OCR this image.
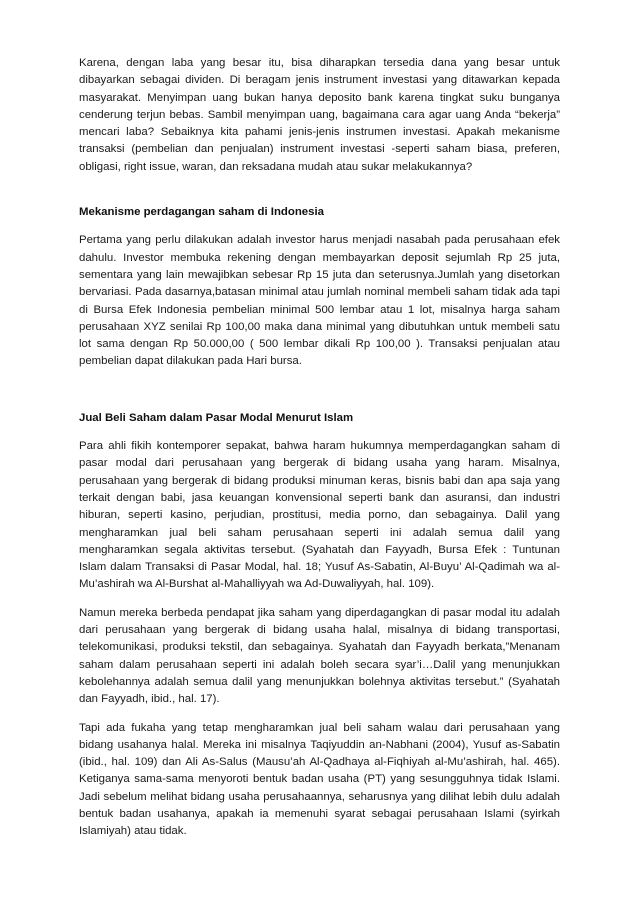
Karena, dengan laba yang besar itu, bisa diharapkan tersedia dana yang besar untuk dibayarkan sebagai dividen. Di beragam jenis instrument investasi yang ditawarkan kepada masyarakat. Menyimpan uang bukan hanya deposito bank karena tingkat suku bunganya cenderung terjun bebas. Sambil menyimpan uang, bagaimana cara agar uang Anda “bekerja” mencari laba? Sebaiknya kita pahami jenis-jenis instrumen investasi. Apakah mekanisme transaksi (pembelian dan penjualan) instrument investasi -seperti saham biasa, preferen, obligasi, right issue, waran, dan reksadana mudah atau sukar melakukannya?

Mekanisme perdagangan saham di Indonesia

Pertama yang perlu dilakukan adalah investor harus menjadi nasabah pada perusahaan efek dahulu. Investor membuka rekening dengan membayarkan deposit sejumlah Rp 25 juta, sementara yang lain mewajibkan sebesar Rp 15 juta dan seterusnya.Jumlah yang disetorkan bervariasi. Pada dasarnya,batasan minimal atau jumlah nominal membeli saham tidak ada tapi di Bursa Efek Indonesia pembelian minimal 500 lembar atau 1 lot, misalnya harga saham perusahaan XYZ senilai Rp 100,00 maka dana minimal yang dibutuhkan untuk membeli satu lot sama dengan Rp 50.000,00 ( 500 lembar dikali Rp 100,00 ). Transaksi penjualan atau pembelian dapat dilakukan pada Hari bursa.

Jual Beli Saham dalam Pasar Modal Menurut Islam

Para ahli fikih kontemporer sepakat, bahwa haram hukumnya memperdagangkan saham di pasar modal dari perusahaan yang bergerak di bidang usaha yang haram. Misalnya, perusahaan yang bergerak di bidang produksi minuman keras, bisnis babi dan apa saja yang terkait dengan babi, jasa keuangan konvensional seperti bank dan asuransi, dan industri hiburan, seperti kasino, perjudian, prostitusi, media porno, dan sebagainya. Dalil yang mengharamkan jual beli saham perusahaan seperti ini adalah semua dalil yang mengharamkan segala aktivitas tersebut. (Syahatah dan Fayyadh, Bursa Efek : Tuntunan Islam dalam Transaksi di Pasar Modal, hal. 18; Yusuf As-Sabatin, Al-Buyu’ Al-Qadimah wa al-Mu’ashirah wa Al-Burshat al-Mahalliyyah wa Ad-Duwaliyyah, hal. 109).

Namun mereka berbeda pendapat jika saham yang diperdagangkan di pasar modal itu adalah dari perusahaan yang bergerak di bidang usaha halal, misalnya di bidang transportasi, telekomunikasi, produksi tekstil, dan sebagainya. Syahatah dan Fayyadh berkata,”Menanam saham dalam perusahaan seperti ini adalah boleh secara syar’i…Dalil yang menunjukkan kebolehannya adalah semua dalil yang menunjukkan bolehnya aktivitas tersebut.” (Syahatah dan Fayyadh, ibid., hal. 17).

Tapi ada fukaha yang tetap mengharamkan jual beli saham walau dari perusahaan yang bidang usahanya halal. Mereka ini misalnya Taqiyuddin an-Nabhani (2004), Yusuf as-Sabatin (ibid., hal. 109) dan Ali As-Salus (Mausu’ah Al-Qadhaya al-Fiqhiyah al-Mu’ashirah, hal. 465). Ketiganya sama-sama menyoroti bentuk badan usaha (PT) yang sesungguhnya tidak Islami. Jadi sebelum melihat bidang usaha perusahaannya, seharusnya yang dilihat lebih dulu adalah bentuk badan usahanya, apakah ia memenuhi syarat sebagai perusahaan Islami (syirkah Islamiyah) atau tidak.
